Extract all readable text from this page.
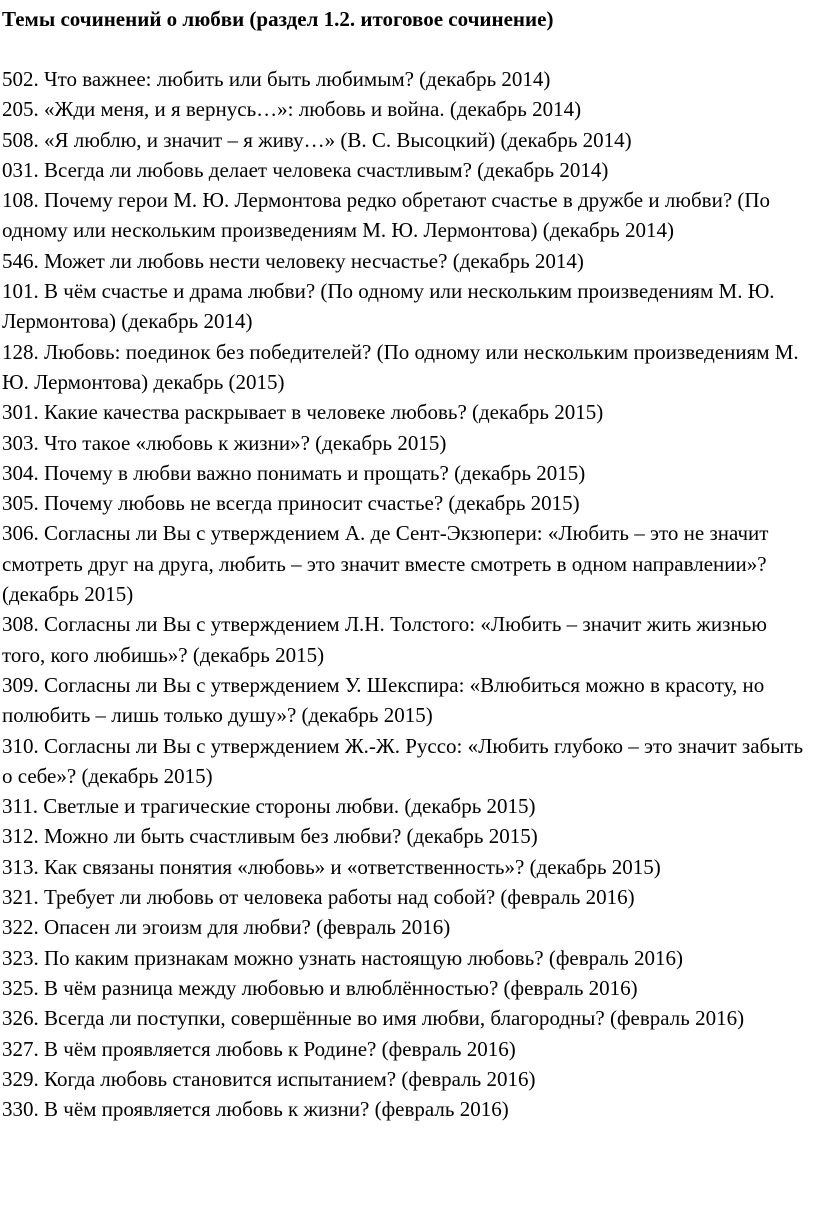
Темы сочинений о любви (раздел 1.2. итоговое сочинение)
502. Что важнее: любить или быть любимым? (декабрь 2014)
205. «Жди меня, и я вернусь…»: любовь и война. (декабрь 2014)
508. «Я люблю, и значит – я живу…» (В. С. Высоцкий) (декабрь 2014)
031. Всегда ли любовь делает человека счастливым? (декабрь 2014)
108. Почему герои М. Ю. Лермонтова редко обретают счастье в дружбе и любви? (По одному или нескольким произведениям М. Ю. Лермонтова) (декабрь 2014)
546. Может ли любовь нести человеку несчастье? (декабрь 2014)
101. В чём счастье и драма любви? (По одному или нескольким произведениям М. Ю. Лермонтова) (декабрь 2014)
128. Любовь: поединок без победителей? (По одному или нескольким произведениям М. Ю. Лермонтова) декабрь (2015)
301. Какие качества раскрывает в человеке любовь? (декабрь 2015)
303. Что такое «любовь к жизни»? (декабрь 2015)
304. Почему в любви важно понимать и прощать? (декабрь 2015)
305. Почему любовь не всегда приносит счастье? (декабрь 2015)
306. Согласны ли Вы с утверждением А. де Сент-Экзюпери: «Любить – это не значит смотреть друг на друга, любить – это значит вместе смотреть в одном направлении»? (декабрь 2015)
308. Согласны ли Вы с утверждением Л.Н. Толстого: «Любить – значит жить жизнью того, кого любишь»? (декабрь 2015)
309. Согласны ли Вы с утверждением У. Шекспира: «Влюбиться можно в красоту, но полюбить – лишь только душу»? (декабрь 2015)
310. Согласны ли Вы с утверждением Ж.-Ж. Руссо: «Любить глубоко – это значит забыть о себе»? (декабрь 2015)
311. Светлые и трагические стороны любви. (декабрь 2015)
312. Можно ли быть счастливым без любви? (декабрь 2015)
313. Как связаны понятия «любовь» и «ответственность»? (декабрь 2015)
321. Требует ли любовь от человека работы над собой? (февраль 2016)
322. Опасен ли эгоизм для любви? (февраль 2016)
323. По каким признакам можно узнать настоящую любовь? (февраль 2016)
325. В чём разница между любовью и влюблённостью? (февраль 2016)
326. Всегда ли поступки, совершённые во имя любви, благородны? (февраль 2016)
327. В чём проявляется любовь к Родине? (февраль 2016)
329. Когда любовь становится испытанием? (февраль 2016)
330. В чём проявляется любовь к жизни? (февраль 2016)
